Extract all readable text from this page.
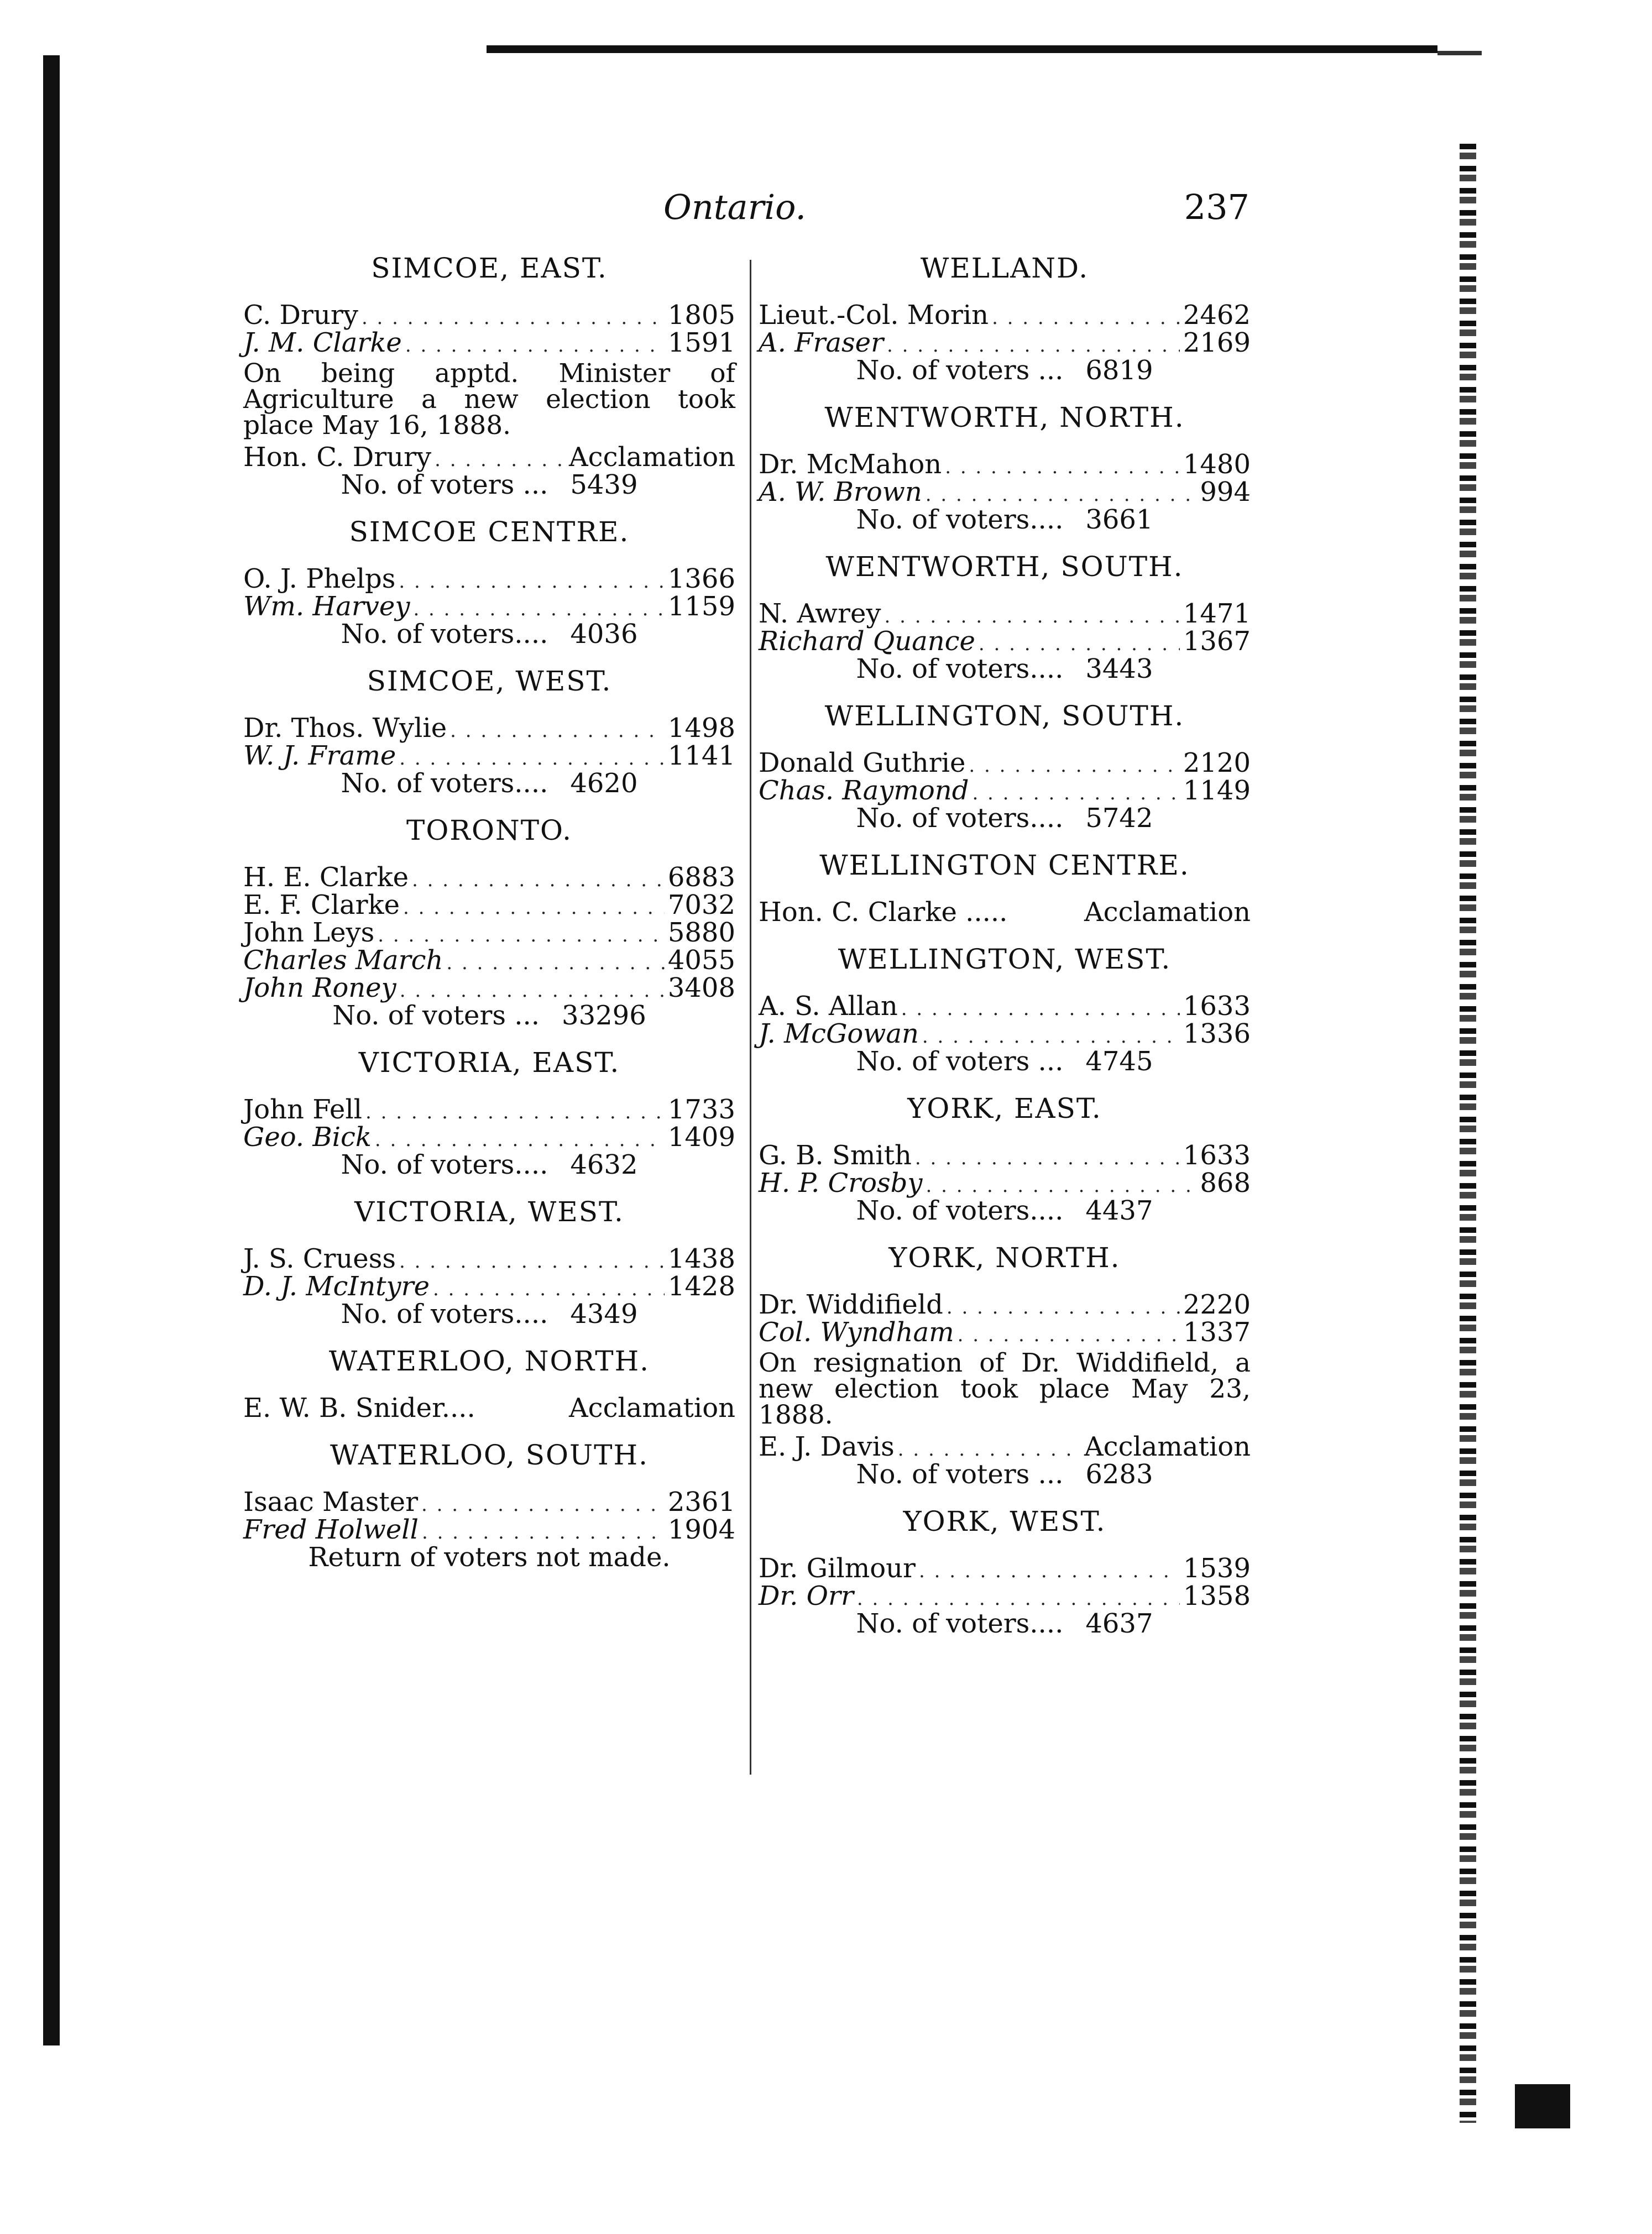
Ontario.	237
SIMCOE, EAST.
C. Drury . . .	1805
J. M. Clarke . . .	1591
On being apptd. Minister of Agriculture a new election took place May 16, 1888.
Hon. C. Drury . . .	Acclamation
No. of voters ... 5439
SIMCOE CENTRE.
O. J. Phelps . . .	1366
Wm. Harvey . . .	1159
No. of voters.... 4036
SIMCOE, WEST.
Dr. Thos. Wylie . . .	1498
W. J. Frame . . .	1141
No. of voters.... 4620
TORONTO.
H. E. Clarke . . .	6883
E. F. Clarke . . .	7032
John Leys . . .	5880
Charles March . . .	4055
John Roney . . .	3408
No. of voters ... 33296
VICTORIA, EAST.
John Fell . . .	1733
Geo. Bick . . .	1409
No. of voters.... 4632
VICTORIA, WEST.
J. S. Cruess . . .	1438
D. J. McIntyre . . .	1428
No. of voters.... 4349
WATERLOO, NORTH.
E. W. B. Snider....	Acclamation
WATERLOO, SOUTH.
Isaac Master . . .	2361
Fred Holwell . . .	1904
Return of voters not made.
WELLAND.
Lieut.-Col. Morin . . .	2462
A. Fraser . . .	2169
No. of voters ... 6819
WENTWORTH, NORTH.
Dr. McMahon . . .	1480
A. W. Brown . . .	994
No. of voters.... 3661
WENTWORTH, SOUTH.
N. Awrey . . .	1471
Richard Quance . . .	1367
No. of voters.... 3443
WELLINGTON, SOUTH.
Donald Guthrie . . .	2120
Chas. Raymond . . .	1149
No. of voters.... 5742
WELLINGTON CENTRE.
Hon. C. Clarke .....	Acclamation
WELLINGTON, WEST.
A. S. Allan . . .	1633
J. McGowan . . .	1336
No. of voters ... 4745
YORK, EAST.
G. B. Smith . . .	1633
H. P. Crosby . . .	868
No. of voters.... 4437
YORK, NORTH.
Dr. Widdifield . . .	2220
Col. Wyndham . . .	1337
On resignation of Dr. Widdifield, a new election took place May 23, 1888.
E. J. Davis . . .	Acclamation
No. of voters ... 6283
YORK, WEST.
Dr. Gilmour . . .	1539
Dr. Orr . . .	1358
No. of voters.... 4637
